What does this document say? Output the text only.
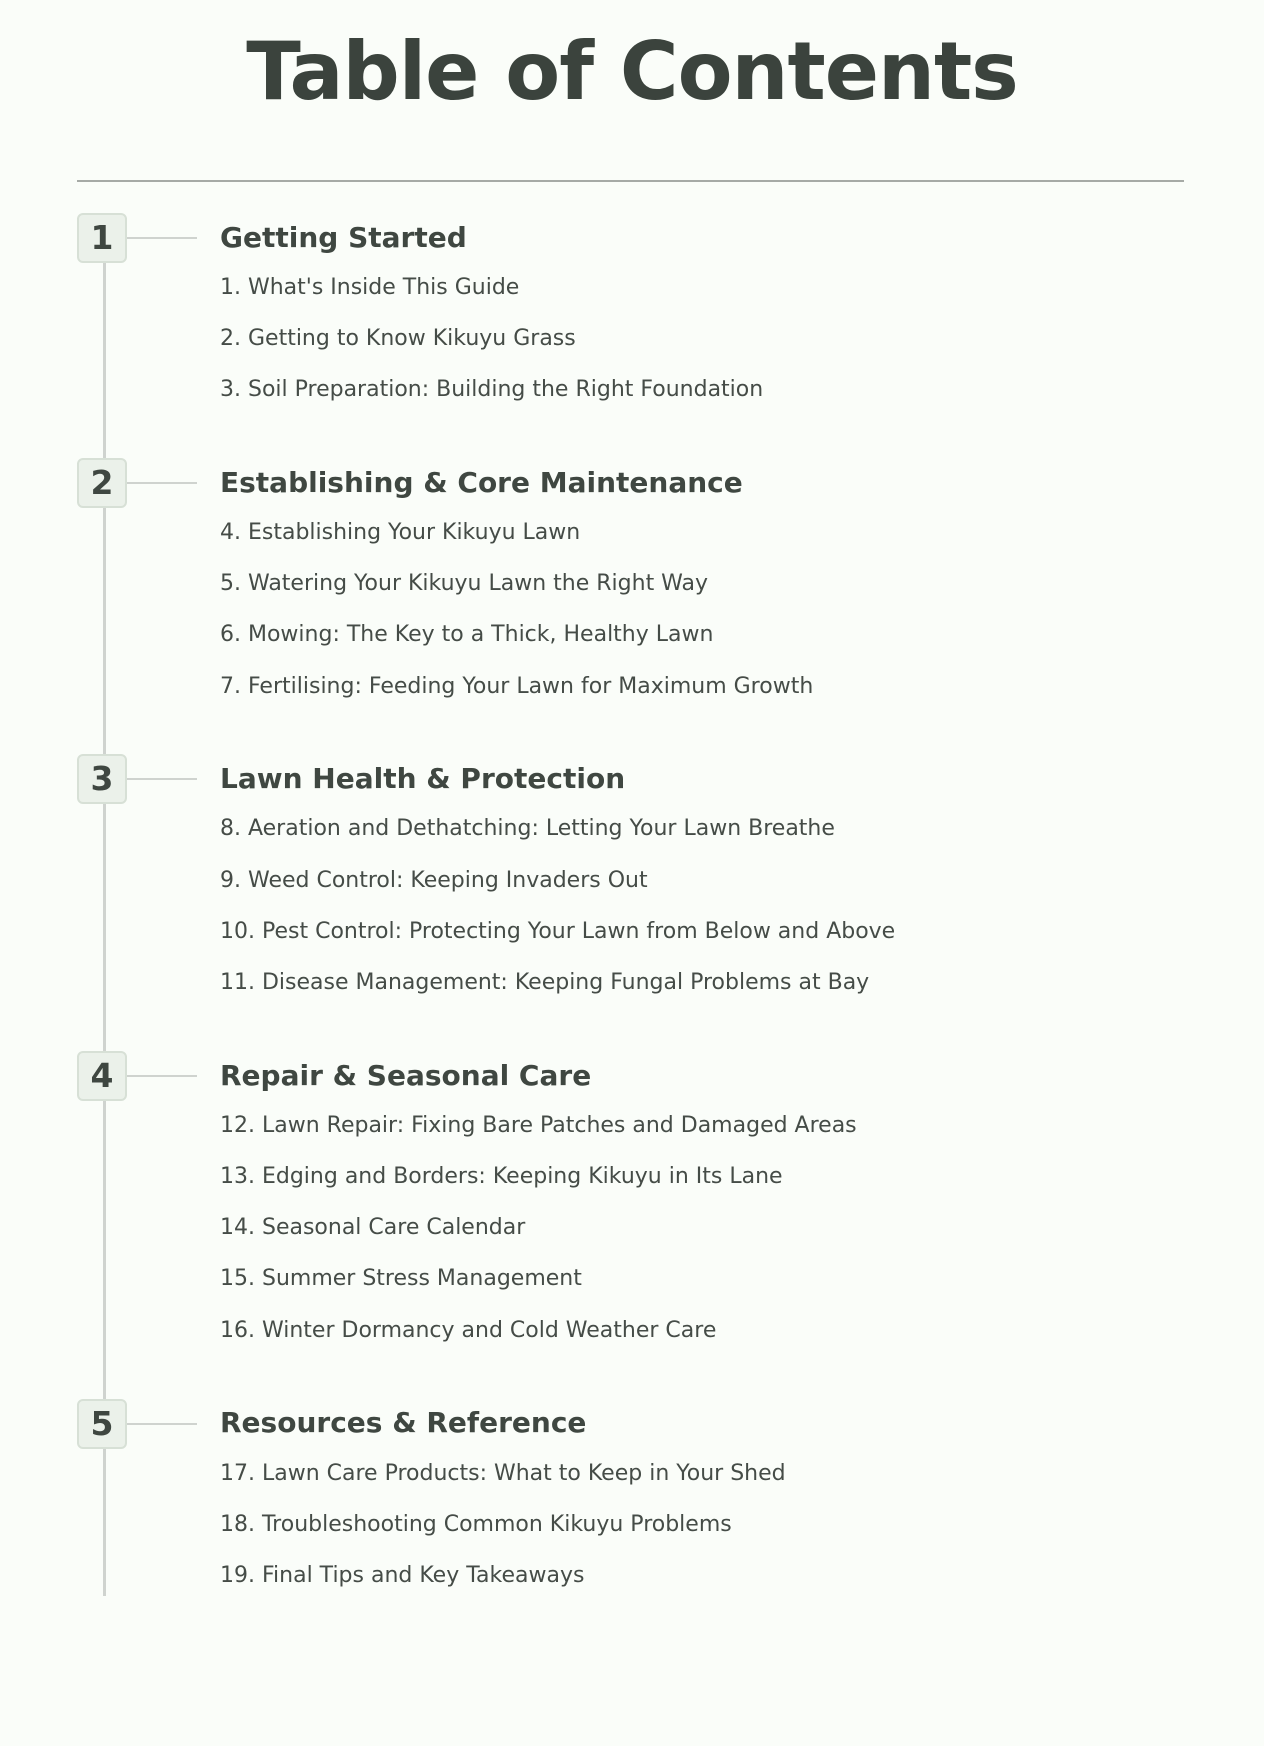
Table of Contents
1	Getting Started
1. What's Inside This Guide
2. Getting to Know Kikuyu Grass
3. Soil Preparation: Building the Right Foundation
2	Establishing & Core Maintenance
4. Establishing Your Kikuyu Lawn
5. Watering Your Kikuyu Lawn the Right Way
6. Mowing: The Key to a Thick, Healthy Lawn
7. Fertilising: Feeding Your Lawn for Maximum Growth
3	Lawn Health & Protection
8. Aeration and Dethatching: Letting Your Lawn Breathe
9. Weed Control: Keeping Invaders Out
10. Pest Control: Protecting Your Lawn from Below and Above
11. Disease Management: Keeping Fungal Problems at Bay
4	Repair & Seasonal Care
12. Lawn Repair: Fixing Bare Patches and Damaged Areas
13. Edging and Borders: Keeping Kikuyu in Its Lane
14. Seasonal Care Calendar
15. Summer Stress Management
16. Winter Dormancy and Cold Weather Care
5	Resources & Reference
17. Lawn Care Products: What to Keep in Your Shed
18. Troubleshooting Common Kikuyu Problems
19. Final Tips and Key Takeaways
